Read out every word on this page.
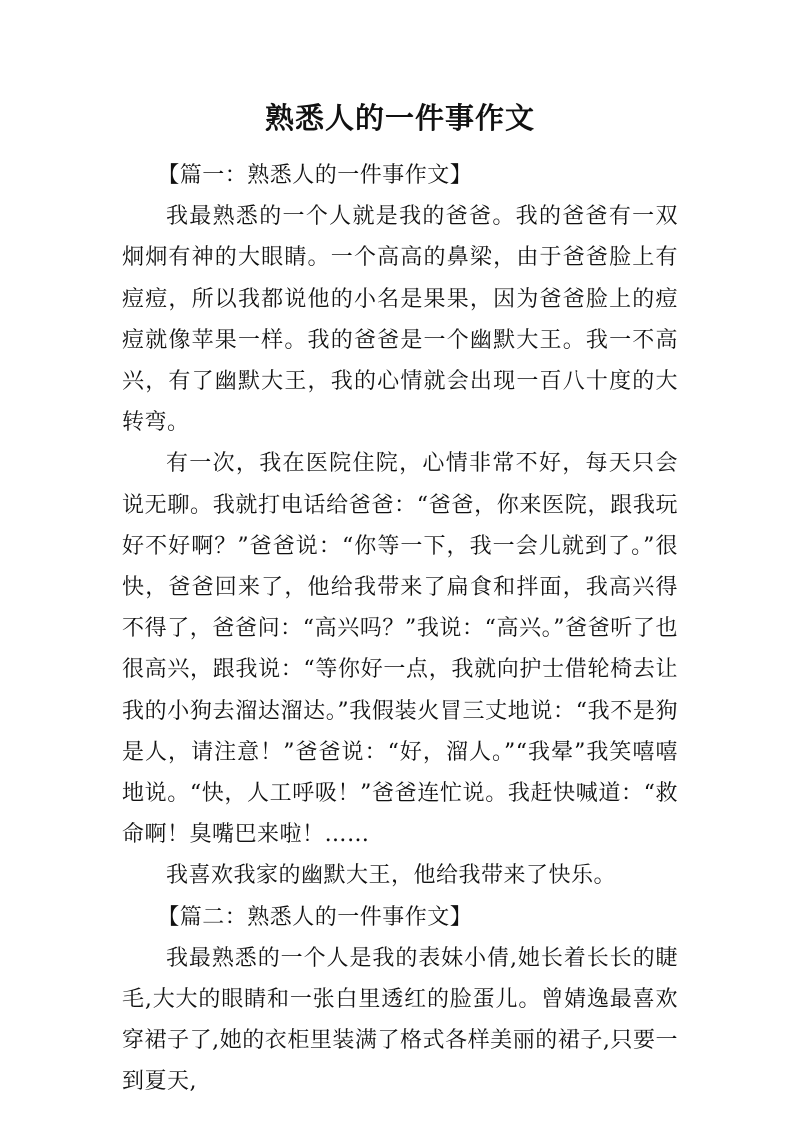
熟悉人的一件事作文

【篇一：熟悉人的一件事作文】

我最熟悉的一个人就是我的爸爸。我的爸爸有一双炯炯有神的大眼睛。一个高高的鼻梁，由于爸爸脸上有痘痘，所以我都说他的小名是果果，因为爸爸脸上的痘痘就像苹果一样。我的爸爸是一个幽默大王。我一不高兴，有了幽默大王，我的心情就会出现一百八十度的大转弯。

有一次，我在医院住院，心情非常不好，每天只会说无聊。我就打电话给爸爸：“爸爸，你来医院，跟我玩好不好啊？”爸爸说：“你等一下，我一会儿就到了。”很快，爸爸回来了，他给我带来了扁食和拌面，我高兴得不得了，爸爸问：“高兴吗？”我说：“高兴。”爸爸听了也很高兴，跟我说：“等你好一点，我就向护士借轮椅去让我的小狗去溜达溜达。”我假装火冒三丈地说：“我不是狗是人，请注意！”爸爸说：“好，溜人。”“我晕”我笑嘻嘻地说。“快，人工呼吸！”爸爸连忙说。我赶快喊道：“救命啊！臭嘴巴来啦！……

我喜欢我家的幽默大王，他给我带来了快乐。

【篇二：熟悉人的一件事作文】

我最熟悉的一个人是我的表妹小倩,她长着长长的睫毛,大大的眼睛和一张白里透红的脸蛋儿。曾婧逸最喜欢穿裙子了,她的衣柜里装满了格式各样美丽的裙子,只要一到夏天,
